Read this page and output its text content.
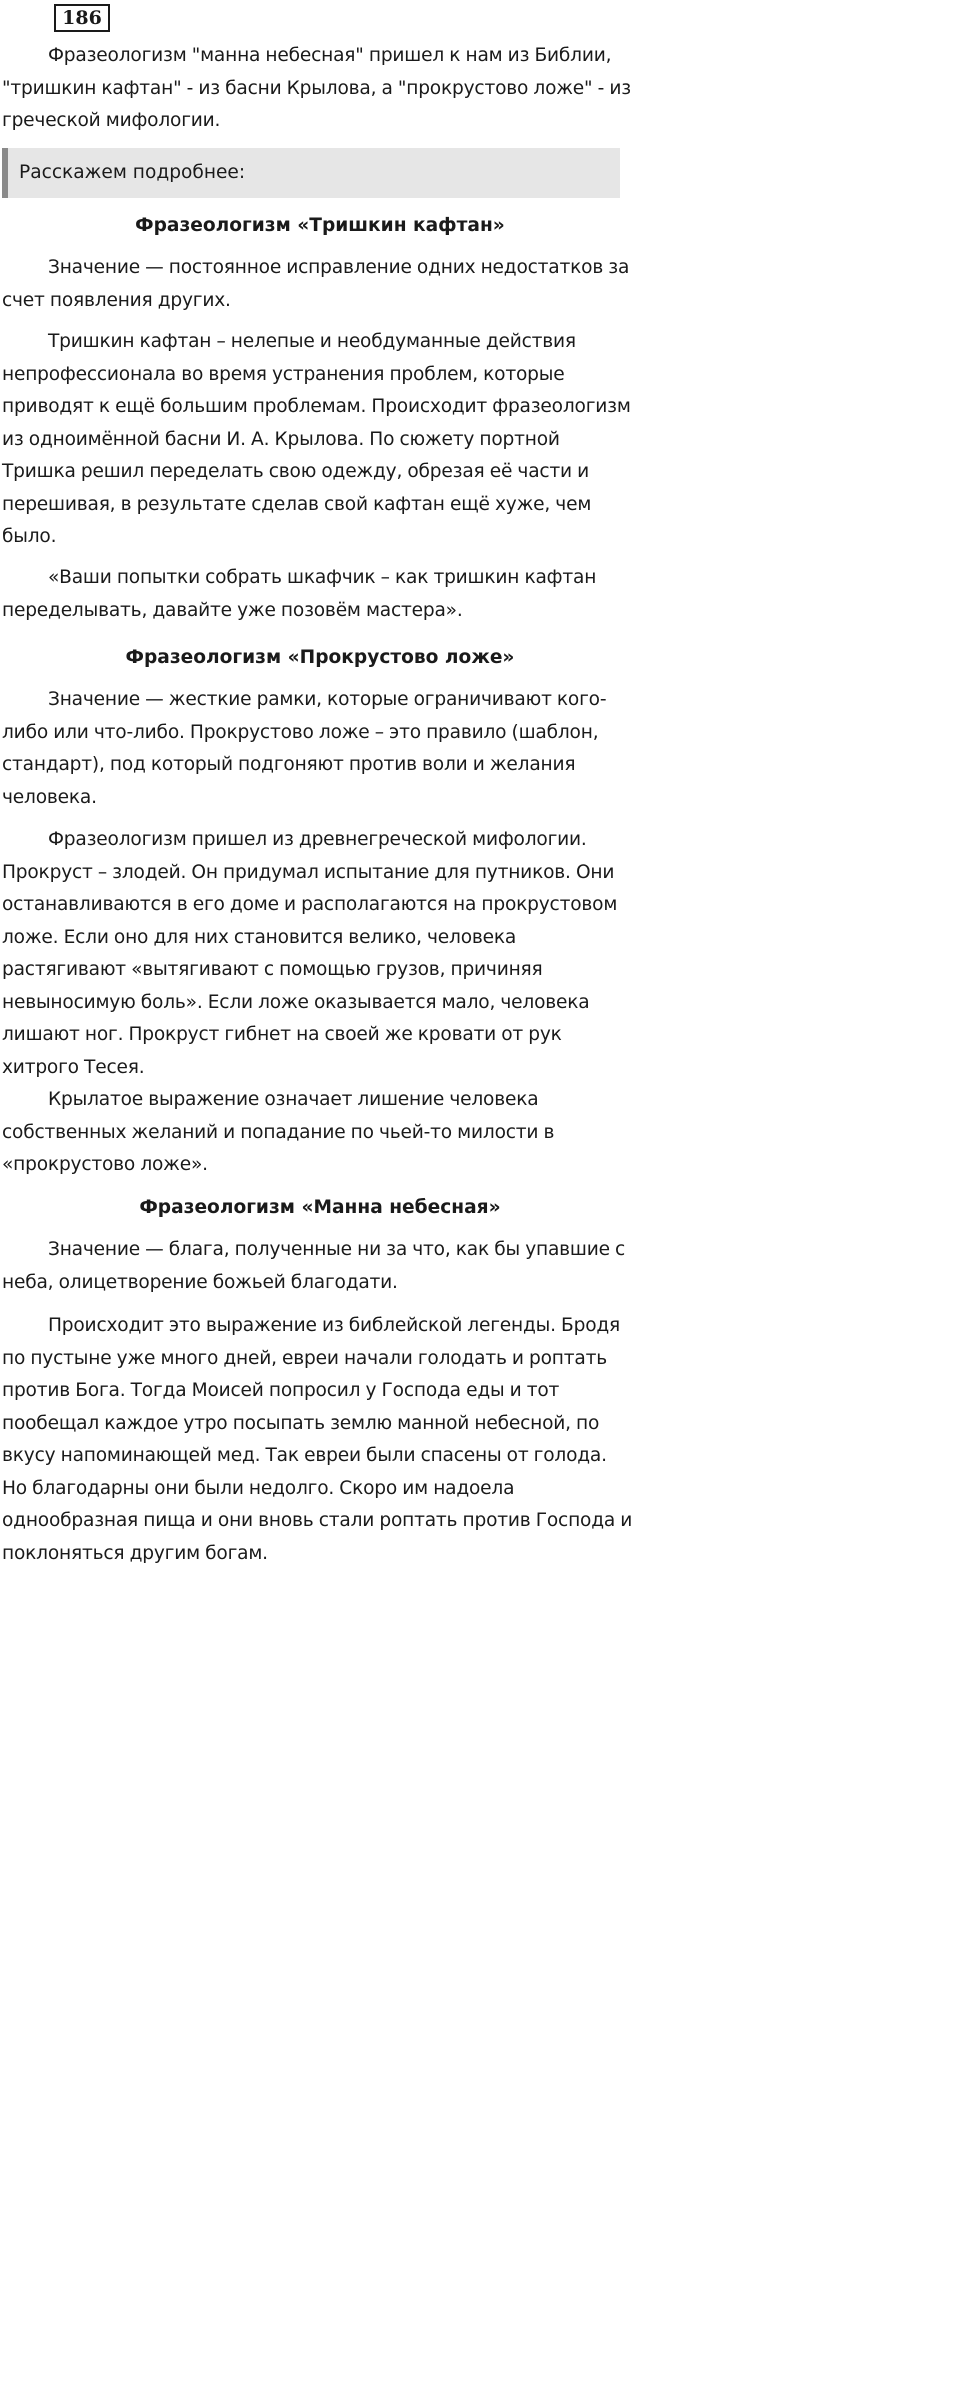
186

Фразеологизм "манна небесная" пришел к нам из Библии, "тришкин кафтан" - из басни Крылова, а "прокрустово ложе" - из греческой мифологии.

Расскажем подробнее:
Фразеологизм «Тришкин кафтан»

Значение — постоянное исправление одних недостатков за счет появления других.

Тришкин кафтан – нелепые и необдуманные действия непрофессионала во время устранения проблем, которые приводят к ещё большим проблемам. Происходит фразеологизм из одноимённой басни И. А. Крылова. По сюжету портной Тришка решил переделать свою одежду, обрезая её части и перешивая, в результате сделав свой кафтан ещё хуже, чем было.

«Ваши попытки собрать шкафчик – как тришкин кафтан переделывать, давайте уже позовём мастера».

Фразеологизм «Прокрустово ложе»

Значение — жесткие рамки, которые ограничивают кого-либо или что-либо. Прокрустово ложе – это правило (шаблон, стандарт), под который подгоняют против воли и желания человека.

Фразеологизм пришел из древнегреческой мифологии. Прокруст – злодей. Он придумал испытание для путников. Они останавливаются в его доме и располагаются на прокрустовом ложе. Если оно для них становится велико, человека растягивают «вытягивают с помощью грузов, причиняя невыносимую боль». Если ложе оказывается мало, человека лишают ног. Прокруст гибнет на своей же кровати от рук хитрого Тесея.

Крылатое выражение означает лишение человека собственных желаний и попадание по чьей-то милости в «прокрустово ложе».

Фразеологизм «Манна небесная»

Значение — блага, полученные ни за что, как бы упавшие с неба, олицетворение божьей благодати.

Происходит это выражение из библейской легенды. Бродя по пустыне уже много дней, евреи начали голодать и роптать против Бога. Тогда Моисей попросил у Господа еды и тот пообещал каждое утро посыпать землю манной небесной, по вкусу напоминающей мед. Так евреи были спасены от голода. Но благодарны они были недолго. Скоро им надоела однообразная пища и они вновь стали роптать против Господа и поклоняться другим богам.
